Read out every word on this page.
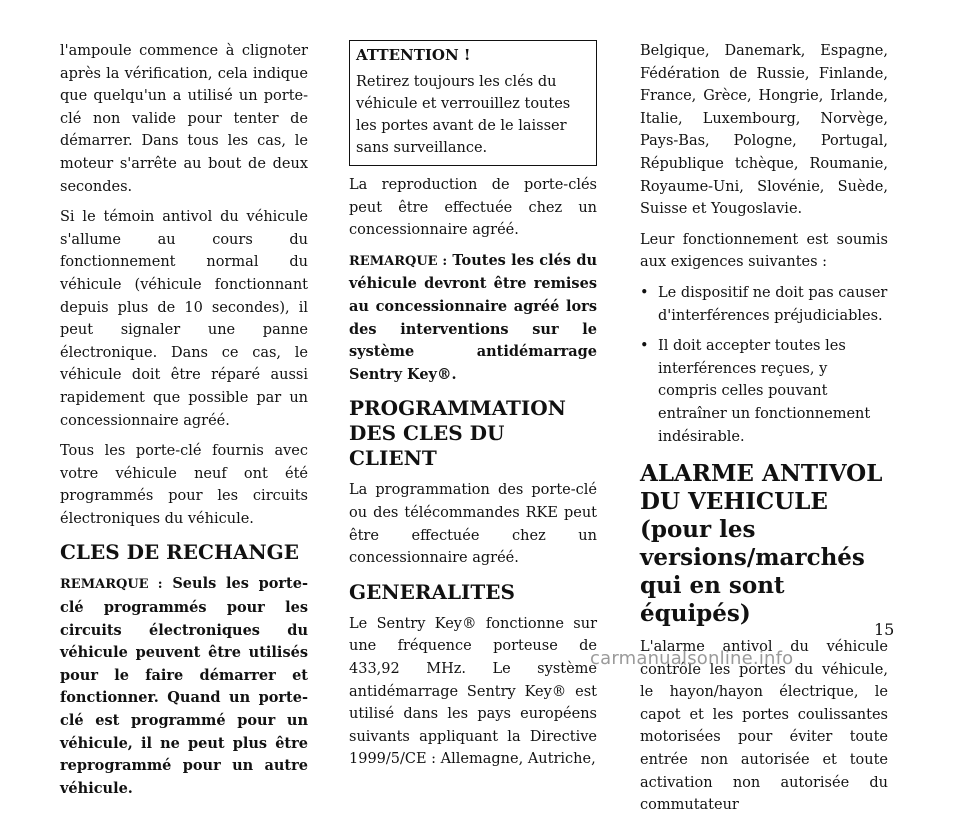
l'ampoule commence à clignoter après la vérification, cela indique que quelqu'un a utilisé un porte-clé non valide pour tenter de démarrer. Dans tous les cas, le moteur s'arrête au bout de deux secondes.

Si le témoin antivol du véhicule s'allume au cours du fonctionnement normal du véhicule (véhicule fonctionnant depuis plus de 10 secondes), il peut signaler une panne électronique. Dans ce cas, le véhicule doit être réparé aussi rapidement que possible par un concessionnaire agréé.

Tous les porte-clé fournis avec votre véhicule neuf ont été programmés pour les circuits électroniques du véhicule.

CLES DE RECHANGE

REMARQUE : Seuls les porte-clé programmés pour les circuits électroniques du véhicule peuvent être utilisés pour le faire démarrer et fonctionner. Quand un porte-clé est programmé pour un véhicule, il ne peut plus être reprogrammé pour un autre véhicule.

ATTENTION !

Retirez toujours les clés du véhicule et verrouillez toutes les portes avant de le laisser sans surveillance.

La reproduction de porte-clés peut être effectuée chez un concessionnaire agréé.

REMARQUE : Toutes les clés du véhicule devront être remises au concessionnaire agréé lors des interventions sur le système antidémarrage Sentry Key®.

PROGRAMMATION DES CLES DU CLIENT

La programmation des porte-clé ou des télécommandes RKE peut être effectuée chez un concessionnaire agréé.

GENERALITES

Le Sentry Key® fonctionne sur une fréquence porteuse de 433,92 MHz. Le système antidémarrage Sentry Key® est utilisé dans les pays européens suivants appliquant la Directive 1999/5/CE : Allemagne, Autriche,

Belgique, Danemark, Espagne, Fédération de Russie, Finlande, France, Grèce, Hongrie, Irlande, Italie, Luxembourg, Norvège, Pays-Bas, Pologne, Portugal, République tchèque, Roumanie, Royaume-Uni, Slovénie, Suède, Suisse et Yougoslavie.

Leur fonctionnement est soumis aux exigences suivantes :

• Le dispositif ne doit pas causer d'interférences préjudiciables.
• Il doit accepter toutes les interférences reçues, y compris celles pouvant entraîner un fonctionnement indésirable.
ALARME ANTIVOL DU VEHICULE (pour les versions/marchés qui en sont équipés)

L'alarme antivol du véhicule contrôle les portes du véhicule, le hayon/hayon électrique, le capot et les portes coulissantes motorisées pour éviter toute entrée non autorisée et toute activation non autorisée du commutateur

15
carmanualsonline.info
